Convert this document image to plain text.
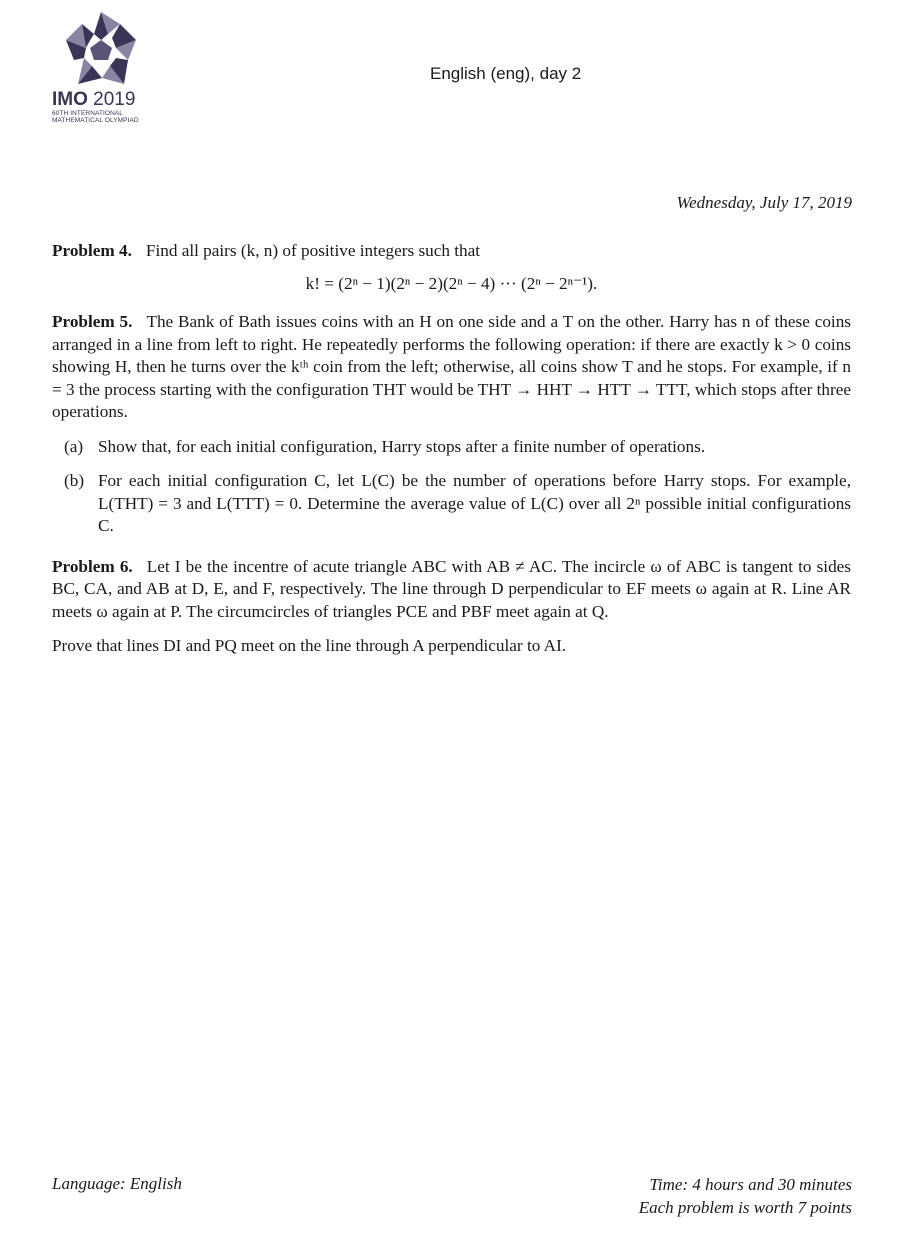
IMO 2019
60TH INTERNATIONAL
MATHEMATICAL OLYMPIAD
English (eng), day 2
Wednesday, July 17, 2019

Problem 4. Find all pairs (k, n) of positive integers such that

k! = (2ⁿ − 1)(2ⁿ − 2)(2ⁿ − 4) ··· (2ⁿ − 2ⁿ⁻¹).

Problem 5. The Bank of Bath issues coins with an H on one side and a T on the other. Harry has n of these coins arranged in a line from left to right. He repeatedly performs the following operation: if there are exactly k > 0 coins showing H, then he turns over the kᵗʰ coin from the left; otherwise, all coins show T and he stops. For example, if n = 3 the process starting with the configuration THT would be THT → HHT → HTT → TTT, which stops after three operations.

(a) Show that, for each initial configuration, Harry stops after a finite number of operations.
(b) For each initial configuration C, let L(C) be the number of operations before Harry stops. For example, L(THT) = 3 and L(TTT) = 0. Determine the average value of L(C) over all 2ⁿ possible initial configurations C.

Problem 6. Let I be the incentre of acute triangle ABC with AB ≠ AC. The incircle ω of ABC is tangent to sides BC, CA, and AB at D, E, and F, respectively. The line through D perpendicular to EF meets ω again at R. Line AR meets ω again at P. The circumcircles of triangles PCE and PBF meet again at Q.

Prove that lines DI and PQ meet on the line through A perpendicular to AI.

Language: English	Time: 4 hours and 30 minutes
Each problem is worth 7 points
